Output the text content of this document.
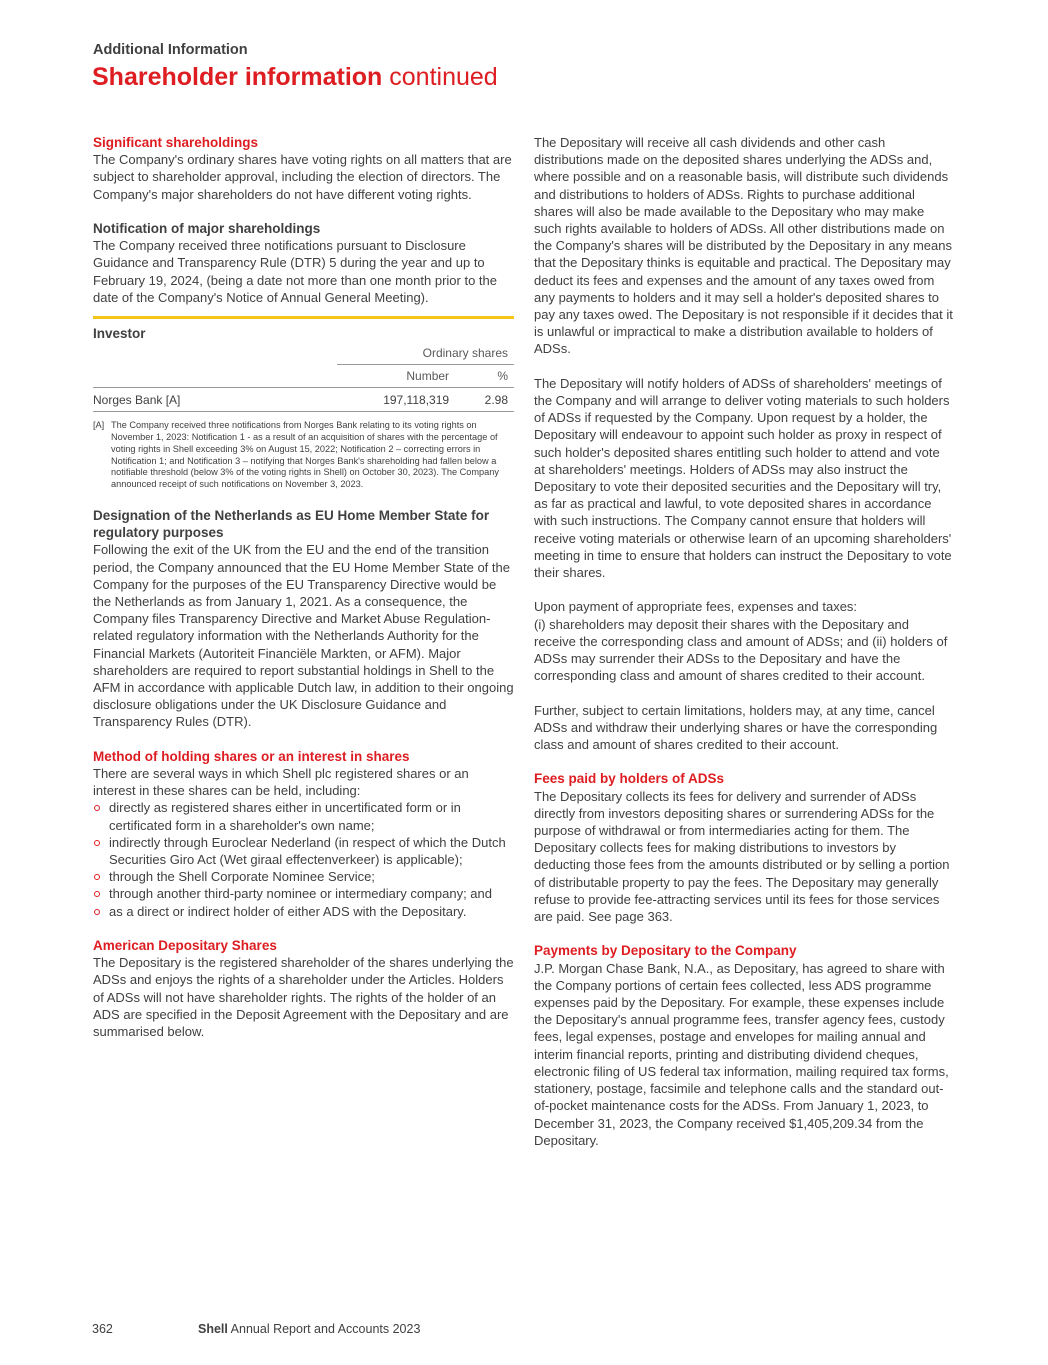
Additional Information
Shareholder information continued
Significant shareholdings

The Company's ordinary shares have voting rights on all matters that are subject to shareholder approval, including the election of directors. The Company's major shareholders do not have different voting rights.

Notification of major shareholdings

The Company received three notifications pursuant to Disclosure Guidance and Transparency Rule (DTR) 5 during the year and up to February 19, 2024, (being a date not more than one month prior to the date of the Company's Notice of Annual General Meeting).

Investor
	Ordinary shares	
	Number	%
Norges Bank [A]	197,118,319	2.98
[A] The Company received three notifications from Norges Bank relating to its voting rights on November 1, 2023: Notification 1 - as a result of an acquisition of shares with the percentage of voting rights in Shell exceeding 3% on August 15, 2022; Notification 2 – correcting errors in Notification 1; and Notification 3 – notifying that Norges Bank's shareholding had fallen below a notifiable threshold (below 3% of the voting rights in Shell) on October 30, 2023). The Company announced receipt of such notifications on November 3, 2023.
Designation of the Netherlands as EU Home Member State for regulatory purposes

Following the exit of the UK from the EU and the end of the transition period, the Company announced that the EU Home Member State of the Company for the purposes of the EU Transparency Directive would be the Netherlands as from January 1, 2021. As a consequence, the Company files Transparency Directive and Market Abuse Regulation-related regulatory information with the Netherlands Authority for the Financial Markets (Autoriteit Financiële Markten, or AFM). Major shareholders are required to report substantial holdings in Shell to the AFM in accordance with applicable Dutch law, in addition to their ongoing disclosure obligations under the UK Disclosure Guidance and Transparency Rules (DTR).

Method of holding shares or an interest in shares

There are several ways in which Shell plc registered shares or an interest in these shares can be held, including:

directly as registered shares either in uncertificated form or in certificated form in a shareholder's own name;
indirectly through Euroclear Nederland (in respect of which the Dutch Securities Giro Act (Wet giraal effectenverkeer) is applicable);
through the Shell Corporate Nominee Service;
through another third-party nominee or intermediary company; and
as a direct or indirect holder of either ADS with the Depositary.
American Depositary Shares

The Depositary is the registered shareholder of the shares underlying the ADSs and enjoys the rights of a shareholder under the Articles. Holders of ADSs will not have shareholder rights. The rights of the holder of an ADS are specified in the Deposit Agreement with the Depositary and are summarised below.

The Depositary will receive all cash dividends and other cash distributions made on the deposited shares underlying the ADSs and, where possible and on a reasonable basis, will distribute such dividends and distributions to holders of ADSs. Rights to purchase additional shares will also be made available to the Depositary who may make such rights available to holders of ADSs. All other distributions made on the Company's shares will be distributed by the Depositary in any means that the Depositary thinks is equitable and practical. The Depositary may deduct its fees and expenses and the amount of any taxes owed from any payments to holders and it may sell a holder's deposited shares to pay any taxes owed. The Depositary is not responsible if it decides that it is unlawful or impractical to make a distribution available to holders of ADSs.

The Depositary will notify holders of ADSs of shareholders' meetings of the Company and will arrange to deliver voting materials to such holders of ADSs if requested by the Company. Upon request by a holder, the Depositary will endeavour to appoint such holder as proxy in respect of such holder's deposited shares entitling such holder to attend and vote at shareholders' meetings. Holders of ADSs may also instruct the Depositary to vote their deposited securities and the Depositary will try, as far as practical and lawful, to vote deposited shares in accordance with such instructions. The Company cannot ensure that holders will receive voting materials or otherwise learn of an upcoming shareholders' meeting in time to ensure that holders can instruct the Depositary to vote their shares.

Upon payment of appropriate fees, expenses and taxes:

(i) shareholders may deposit their shares with the Depositary and receive the corresponding class and amount of ADSs; and (ii) holders of ADSs may surrender their ADSs to the Depositary and have the corresponding class and amount of shares credited to their account.

Further, subject to certain limitations, holders may, at any time, cancel ADSs and withdraw their underlying shares or have the corresponding class and amount of shares credited to their account.

Fees paid by holders of ADSs

The Depositary collects its fees for delivery and surrender of ADSs directly from investors depositing shares or surrendering ADSs for the purpose of withdrawal or from intermediaries acting for them. The Depositary collects fees for making distributions to investors by deducting those fees from the amounts distributed or by selling a portion of distributable property to pay the fees. The Depositary may generally refuse to provide fee-attracting services until its fees for those services are paid. See page 363.

Payments by Depositary to the Company

J.P. Morgan Chase Bank, N.A., as Depositary, has agreed to share with the Company portions of certain fees collected, less ADS programme expenses paid by the Depositary. For example, these expenses include the Depositary's annual programme fees, transfer agency fees, custody fees, legal expenses, postage and envelopes for mailing annual and interim financial reports, printing and distributing dividend cheques, electronic filing of US federal tax information, mailing required tax forms, stationery, postage, facsimile and telephone calls and the standard out-of-pocket maintenance costs for the ADSs. From January 1, 2023, to December 31, 2023, the Company received $1,405,209.34 from the Depositary.

362	Shell Annual Report and Accounts 2023
